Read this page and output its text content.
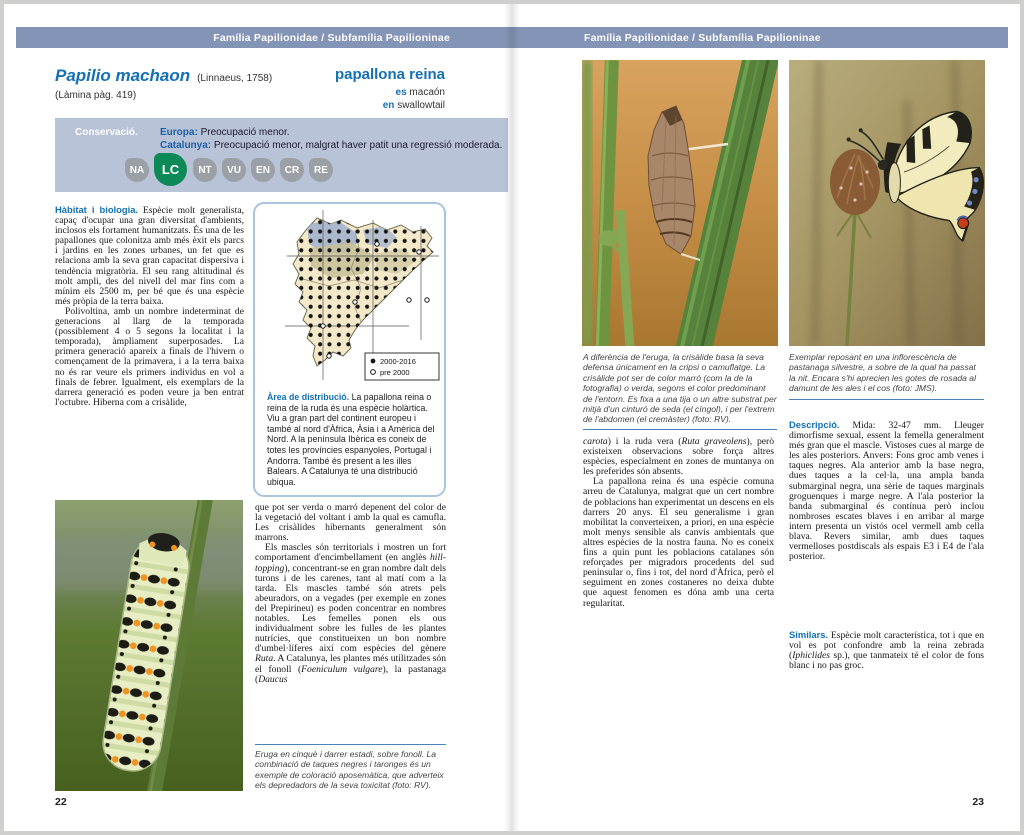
Família Papilionidae / Subfamília Papilioninae
Papilio machaon (Linnaeus, 1758)
(Làmina pàg. 419)
papallona reina
es macaón
en swallowtail
Conservació. Europa: Preocupació menor.
Catalunya: Preocupació menor, malgrat haver patit una regressió moderada.
NA	LC	NT	VU	EN	CR	RE

Hàbitat i biologia. Espècie molt generalista, capaç d'ocupar una gran diversitat d'ambients, inclosos els fortament humanitzats. És una de les papallones que colonitza amb més èxit els parcs i jardins en les zones urbanes, un fet que es relaciona amb la seva gran capacitat dispersiva i tendència migratòria. El seu rang altitudinal és molt ampli, des del nivell del mar fins com a mínim els 2500 m, per bé que és una espècie més pròpia de la terra baixa.

Polivoltina, amb un nombre indeterminat de generacions al llarg de la temporada (possiblement 4 o 5 segons la localitat i la temporada), àmpliament superposades. La primera generació apareix a finals de l'hivern o començament de la primavera, i a la terra baixa no és rar veure els primers individus en vol a finals de febrer. Igualment, els exemplars de la darrera generació es poden veure ja ben entrat l'octubre. Hiberna com a crisàlide,

2000-2016
pre 2000
Àrea de distribució. La papallona reina o reina de la ruda és una espècie holàrtica. Viu a gran part del continent europeu i també al nord d'Àfrica, Àsia i a Amèrica del Nord. A la península Ibèrica es coneix de totes les províncies espanyoles, Portugal i Andorra. També és present a les illes Balears. A Catalunya té una distribució ubiqua.

que pot ser verda o marró depenent del color de la vegetació del voltant i amb la qual es camufla. Les crisàlides hibernants generalment són marrons.

Els mascles són territorials i mostren un fort comportament d'encimbellament (en anglès hill-topping), concentrant-se en gran nombre dalt dels turons i de les carenes, tant al matí com a la tarda. Els mascles també són atrets pels abeuradors, on a vegades (per exemple en zones del Prepirineu) es poden concentrar en nombres notables. Les femelles ponen els ous individualment sobre les fulles de les plantes nutrícies, que constitueixen un bon nombre d'umbel·líferes així com espècies del gènere Ruta. A Catalunya, les plantes més utilitzades són el fonoll (Foeniculum vulgare), la pastanaga (Daucus

Eruga en cinquè i darrer estadi, sobre fonoll. La combinació de taques negres i taronges és un exemple de coloració aposemàtica, que adverteix els depredadors de la seva toxicitat (foto: RV).
22
Família Papilionidae / Subfamília Papilioninae
A diferència de l'eruga, la crisàlide basa la seva defensa únicament en la cripsi o camuflatge. La crisàlide pot ser de color marró (com la de la fotografia) o verda, segons el color predominant de l'entorn. Es fixa a una tija o un altre substrat per mitjà d'un cinturó de seda (el cíngol), i per l'extrem de l'abdomen (el cremàster) (foto: RV).
Exemplar reposant en una inflorescència de pastanaga silvestre, a sobre de la qual ha passat la nit. Encara s'hi aprecien les gotes de rosada al damunt de les ales i el cos (foto: JMS).

carota) i la ruda vera (Ruta graveolens), però existeixen observacions sobre força altres espècies, especialment en zones de muntanya on les preferides són absents.

La papallona reina és una espècie comuna arreu de Catalunya, malgrat que un cert nombre de poblacions han experimentat un descens en els darrers 20 anys. El seu generalisme i gran mobilitat la converteixen, a priori, en una espècie molt menys sensible als canvis ambientals que altres espècies de la nostra fauna. No es coneix fins a quin punt les poblacions catalanes són reforçades per migradors procedents del sud peninsular o, fins i tot, del nord d'Àfrica, però el seguiment en zones costaneres no deixa dubte que aquest fenomen es dóna amb una certa regularitat.

Descripció. Mida: 32-47 mm. Lleuger dimorfisme sexual, essent la femella generalment més gran que el mascle. Vistoses cues al marge de les ales posteriors. Anvers: Fons groc amb venes i taques negres. Ala anterior amb la base negra, dues taques a la cel·la, una ampla banda submarginal negra, una sèrie de taques marginals groguenques i marge negre. A l'ala posterior la banda submarginal és contínua però inclou nombroses escates blaves i en arribar al marge intern presenta un vistós ocel vermell amb cella blava. Revers similar, amb dues taques vermelloses postdiscals als espais E3 i E4 de l'ala posterior.

Similars. Espècie molt característica, tot i que en vol es pot confondre amb la reina zebrada (Iphiclides sp.), que tanmateix té el color de fons blanc i no pas groc.

23
